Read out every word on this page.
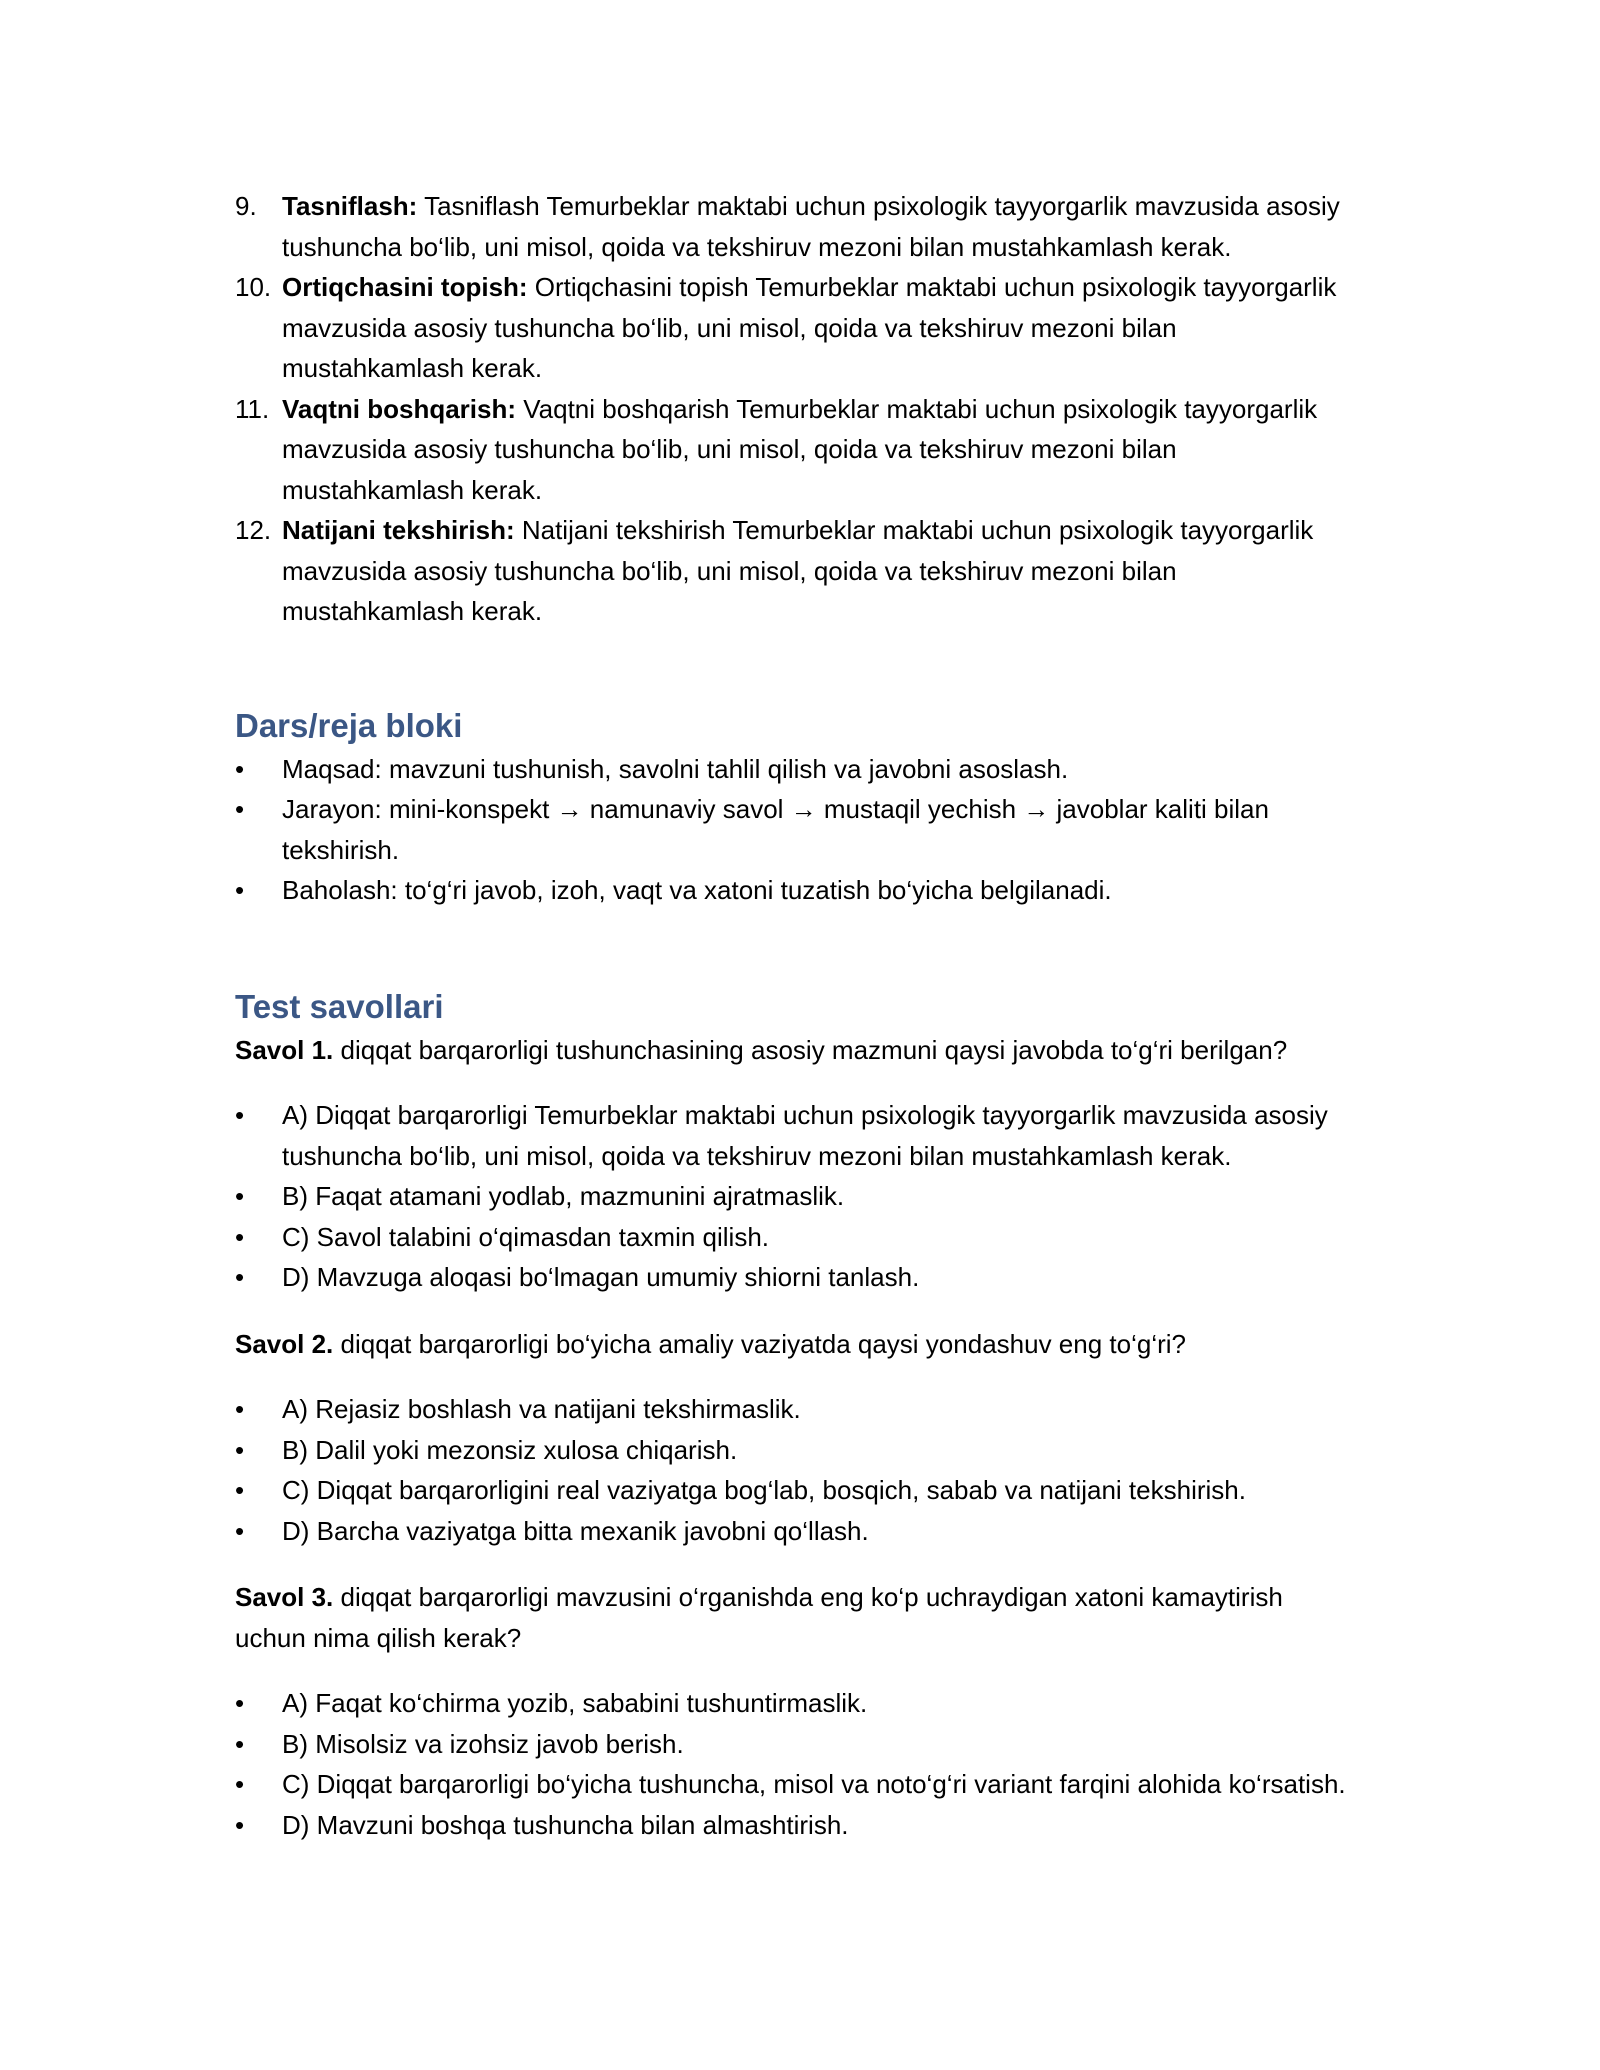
9. Tasniflash: Tasniflash Temurbeklar maktabi uchun psixologik tayyorgarlik mavzusida asosiy tushuncha bo‘lib, uni misol, qoida va tekshiruv mezoni bilan mustahkamlash kerak.
10. Ortiqchasini topish: Ortiqchasini topish Temurbeklar maktabi uchun psixologik tayyorgarlik mavzusida asosiy tushuncha bo‘lib, uni misol, qoida va tekshiruv mezoni bilan mustahkamlash kerak.
11. Vaqtni boshqarish: Vaqtni boshqarish Temurbeklar maktabi uchun psixologik tayyorgarlik mavzusida asosiy tushuncha bo‘lib, uni misol, qoida va tekshiruv mezoni bilan mustahkamlash kerak.
12. Natijani tekshirish: Natijani tekshirish Temurbeklar maktabi uchun psixologik tayyorgarlik mavzusida asosiy tushuncha bo‘lib, uni misol, qoida va tekshiruv mezoni bilan mustahkamlash kerak.
Dars/reja bloki
•	Maqsad: mavzuni tushunish, savolni tahlil qilish va javobni asoslash.
•	Jarayon: mini-konspekt → namunaviy savol → mustaqil yechish → javoblar kaliti bilan tekshirish.
•	Baholash: to‘g‘ri javob, izoh, vaqt va xatoni tuzatish bo‘yicha belgilanadi.
Test savollari

Savol 1. diqqat barqarorligi tushunchasining asosiy mazmuni qaysi javobda to‘g‘ri berilgan?

•	A) Diqqat barqarorligi Temurbeklar maktabi uchun psixologik tayyorgarlik mavzusida asosiy tushuncha bo‘lib, uni misol, qoida va tekshiruv mezoni bilan mustahkamlash kerak.
•	B) Faqat atamani yodlab, mazmunini ajratmaslik.
•	C) Savol talabini o‘qimasdan taxmin qilish.
•	D) Mavzuga aloqasi bo‘lmagan umumiy shiorni tanlash.

Savol 2. diqqat barqarorligi bo‘yicha amaliy vaziyatda qaysi yondashuv eng to‘g‘ri?

•	A) Rejasiz boshlash va natijani tekshirmaslik.
•	B) Dalil yoki mezonsiz xulosa chiqarish.
•	C) Diqqat barqarorligini real vaziyatga bog‘lab, bosqich, sabab va natijani tekshirish.
•	D) Barcha vaziyatga bitta mexanik javobni qo‘llash.

Savol 3. diqqat barqarorligi mavzusini o‘rganishda eng ko‘p uchraydigan xatoni kamaytirish uchun nima qilish kerak?

•	A) Faqat ko‘chirma yozib, sababini tushuntirmaslik.
•	B) Misolsiz va izohsiz javob berish.
•	C) Diqqat barqarorligi bo‘yicha tushuncha, misol va noto‘g‘ri variant farqini alohida ko‘rsatish.
•	D) Mavzuni boshqa tushuncha bilan almashtirish.
